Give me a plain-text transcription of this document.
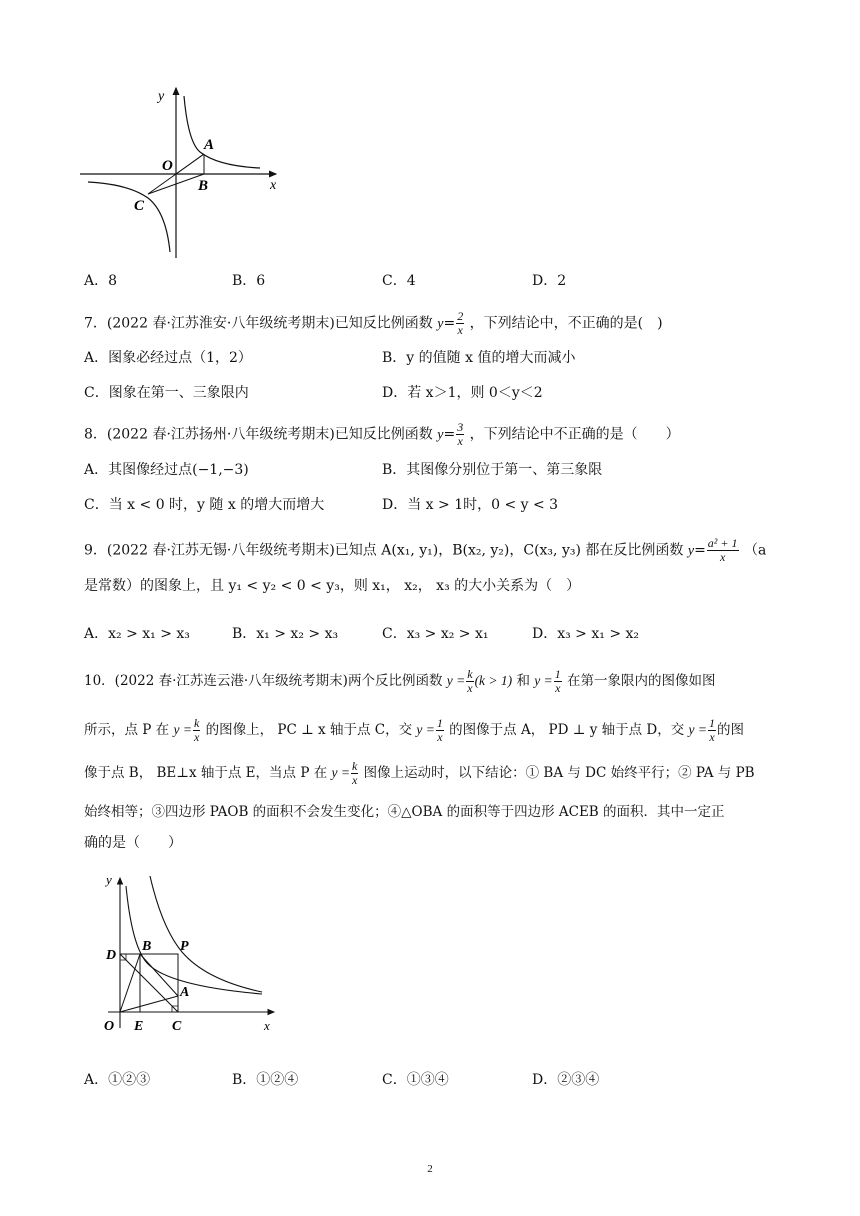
y
x
O
A
B
C
A．8	B．6	C．4	D．2
7．(2022 春·江苏淮安·八年级统考期末)已知反比例函数 $y= \frac{2}{x}$ ，下列结论中，不正确的是(　)
A．图象必经过点（1，2）	B．y 的值随 x 值的增大而减小
C．图象在第一、三象限内	D．若 x＞1，则 0＜y＜2
8．(2022 春·江苏扬州·八年级统考期末)已知反比例函数 $y= \frac{3}{x}$ ，下列结论中不正确的是（　　）
A．其图像经过点(−1,−3)	B．其图像分别位于第一、第三象限
C．当 x < 0 时，y 随 x 的增大而增大	D．当 x > 1时，0 < y < 3
9．(2022 春·江苏无锡·八年级统考期末)已知点 A(x₁, y₁)，B(x₂, y₂)，C(x₃, y₃) 都在反比例函数 $y= \frac{\text{a² + 1}}{x} (a$
是常数）的图象上，且 y₁ < y₂ < 0 < y₃，则 x₁， x₂， x₃ 的大小关系为（　）
A．x₂ > x₁ > x₃	B．x₁ > x₂ > x₃	C．x₃ > x₂ > x₁	D．x₃ > x₁ > x₂
10．(2022 春·江苏连云港·八年级统考期末)两个反比例函数 $y = \frac{k}{x} (k > 1)$ 和 $y = \frac{1}{x}$ 在第一象限内的图像如图
所示，点 P 在 $y = \frac{k}{x}$ 的图像上， PC ⊥ x 轴于点 C，交 $y = \frac{1}{x}$ 的图像于点 A， PD ⊥ y 轴于点 D，交 $y = \frac{1}{x}$ 的图
像于点 B， BE⊥x 轴于点 E，当点 P 在 $y = \frac{k}{x}$ 图像上运动时，以下结论：① BA 与 DC 始终平行；② PA 与 PB
始终相等；③四边形 PAOB 的面积不会发生变化；④△OBA 的面积等于四边形 ACEB 的面积．其中一定正
确的是（　　）
y
x
O E C
D
B P
A
A．①②③	B．①②④	C．①③④	D．②③④
2
